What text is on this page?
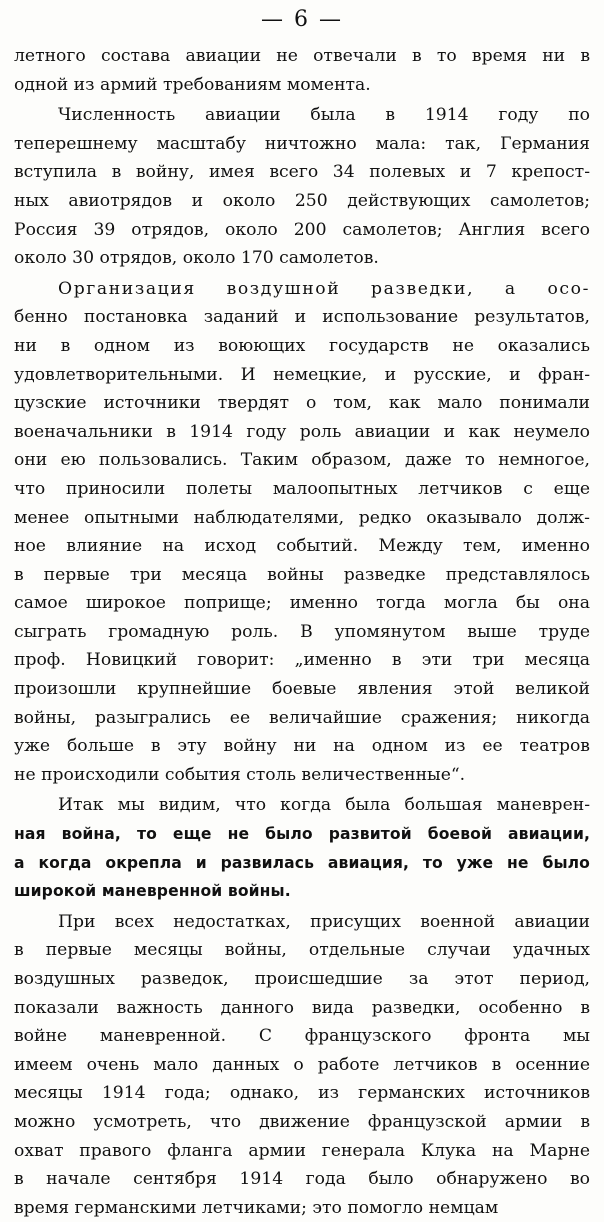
— 6 —
летного состава авиации не отвечали в то время ни в
одной из армий требованиям момента.
Численность авиации была в 1914 году по
теперешнему масштабу ничтожно мала: так, Германия
вступила в войну, имея всего 34 полевых и 7 крепост-
ных авиотрядов и около 250 действующих самолетов;
Россия 39 отрядов, около 200 самолетов; Англия всего
около 30 отрядов, около 170 самолетов.
Организация воздушной разведки, а осо-
бенно постановка заданий и использование результатов,
ни в одном из воюющих государств не оказались
удовлетворительными. И немецкие, и русские, и фран-
цузские источники твердят о том, как мало понимали
военачальники в 1914 году роль авиации и как неумело
они ею пользовались. Таким образом, даже то немногое,
что приносили полеты малоопытных летчиков с еще
менее опытными наблюдателями, редко оказывало долж-
ное влияние на исход событий. Между тем, именно
в первые три месяца войны разведке представлялось
самое широкое поприще; именно тогда могла бы она
сыграть громадную роль. В упомянутом выше труде
проф. Новицкий говорит: „именно в эти три месяца
произошли крупнейшие боевые явления этой великой
войны, разыгрались ее величайшие сражения; никогда
уже больше в эту войну ни на одном из ее театров
не происходили события столь величественные“.
Итак мы видим, что когда была большая маневрен-
ная война, то еще не было развитой боевой авиации,
а когда окрепла и развилась авиация, то уже не было
широкой маневренной войны.
При всех недостатках, присущих военной авиации
в первые месяцы войны, отдельные случаи удачных
воздушных разведок, происшедшие за этот период,
показали важность данного вида разведки, особенно в
войне маневренной. С французского фронта мы
имеем очень мало данных о работе летчиков в осенние
месяцы 1914 года; однако, из германских источников
можно усмотреть, что движение французской армии в
охват правого фланга армии генерала Клука на Марне
в начале сентября 1914 года было обнаружено во
время германскими летчиками; это помогло немцам
